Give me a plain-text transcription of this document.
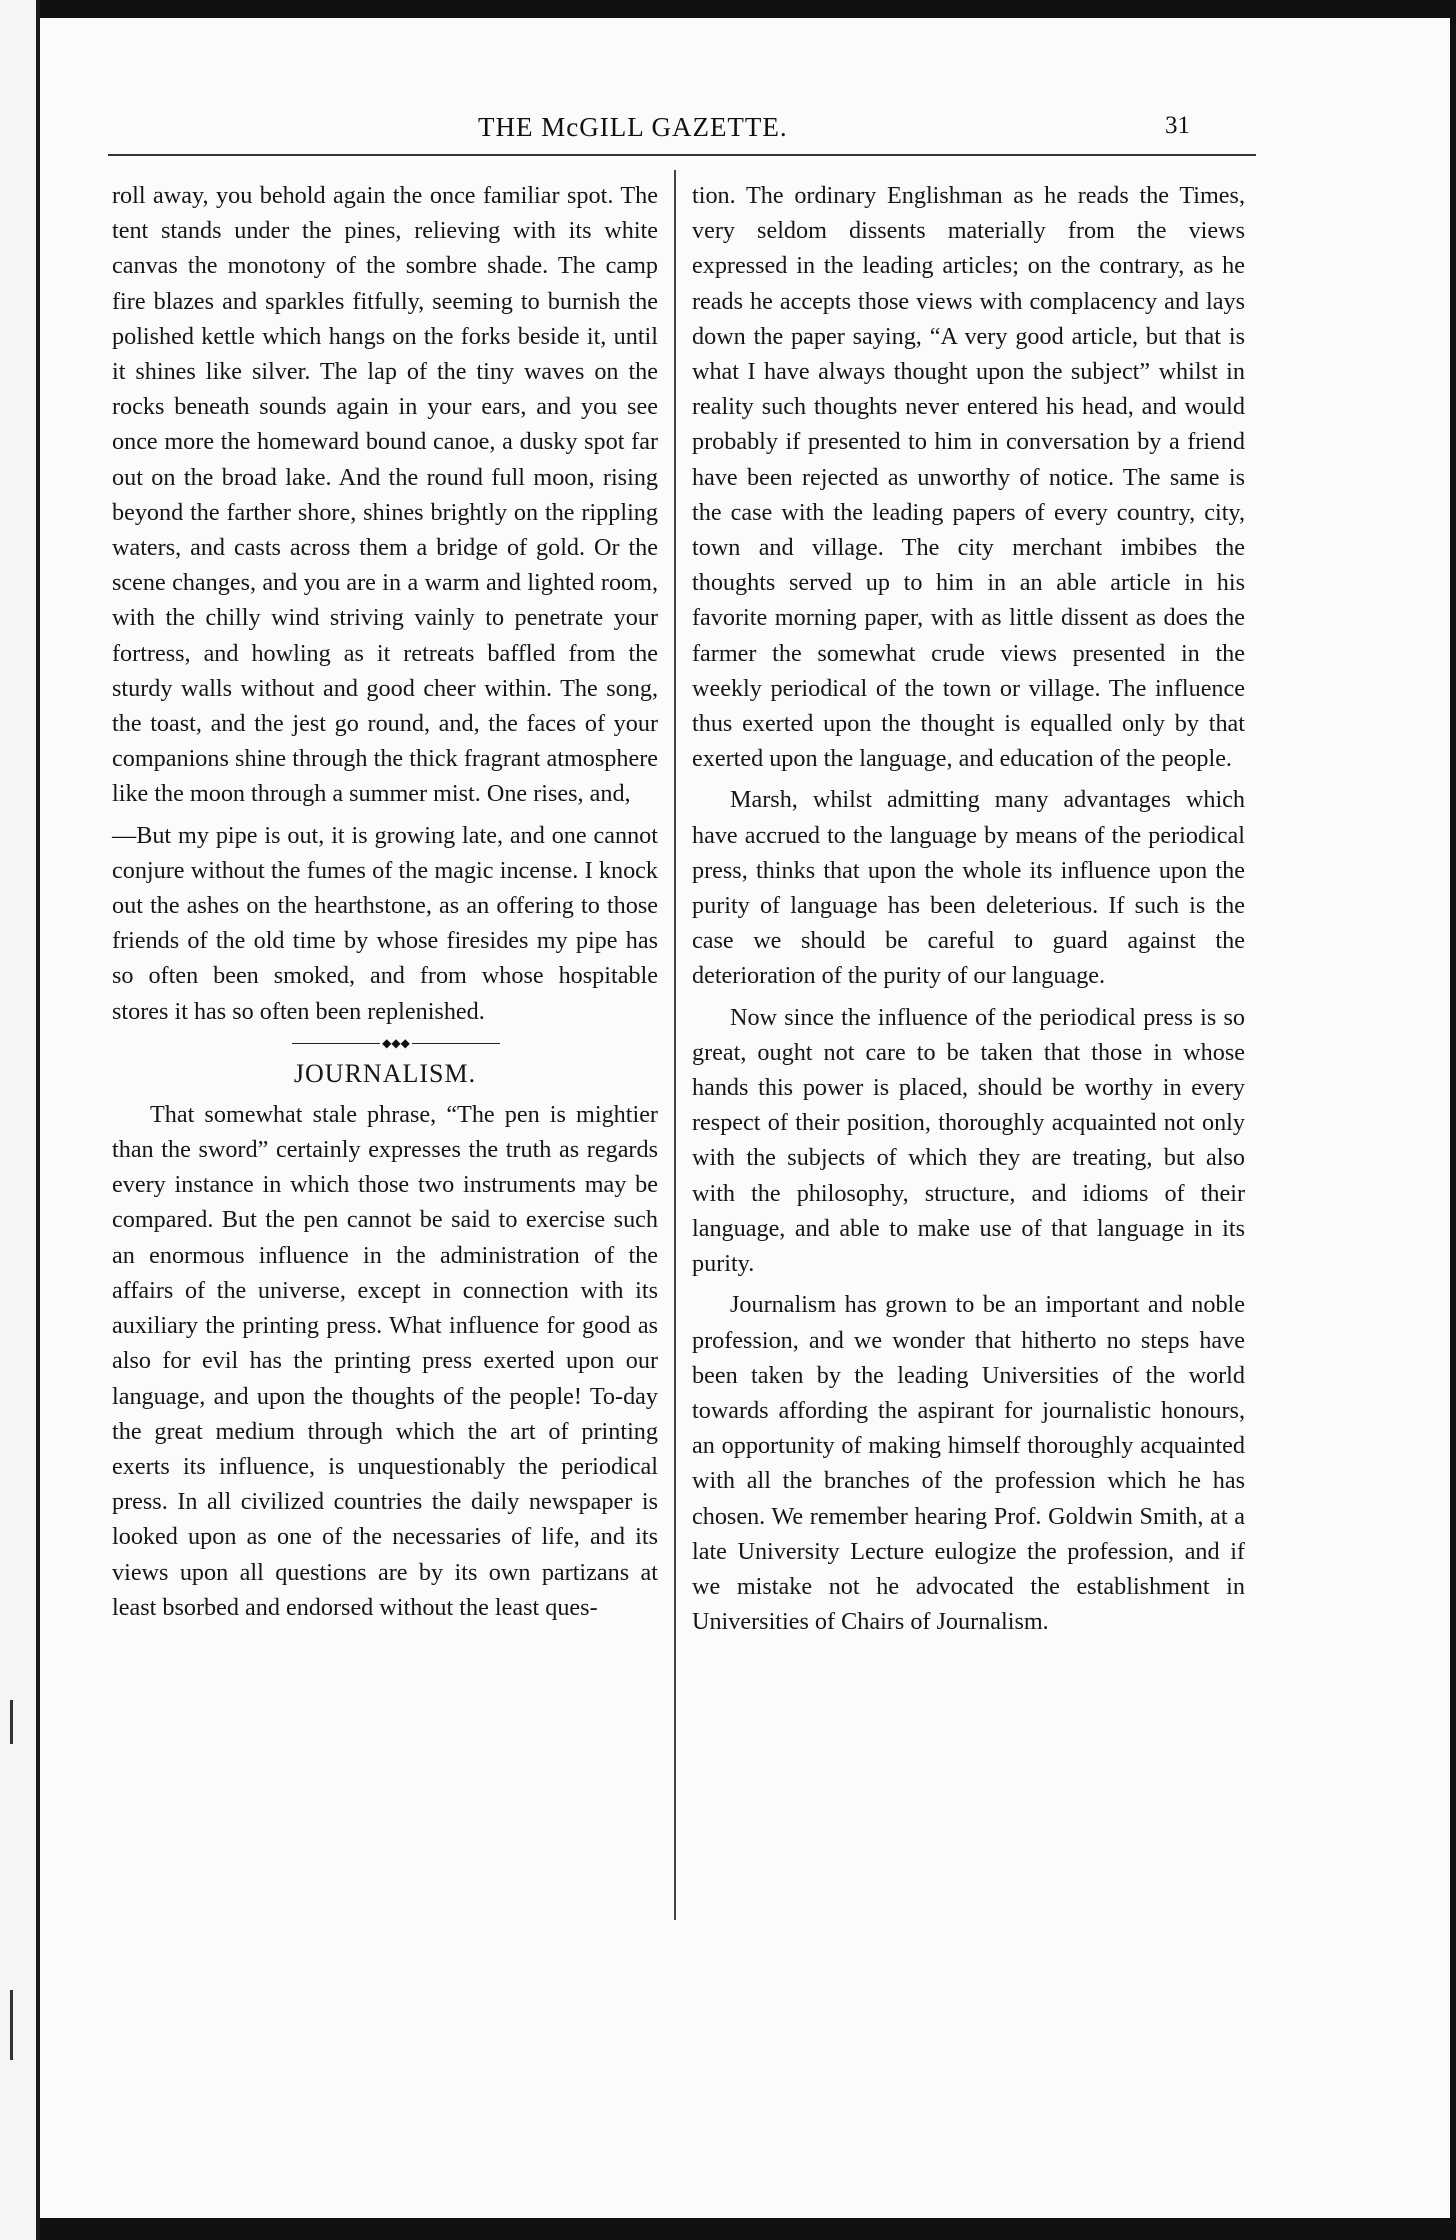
THE McGILL GAZETTE.	31

roll away, you behold again the once familiar spot. The tent stands under the pines, relieving with its white canvas the monotony of the sombre shade. The camp fire blazes and sparkles fitfully, seeming to burnish the polished kettle which hangs on the forks beside it, until it shines like silver. The lap of the tiny waves on the rocks beneath sounds again in your ears, and you see once more the homeward bound canoe, a dusky spot far out on the broad lake. And the round full moon, rising beyond the farther shore, shines brightly on the rippling waters, and casts across them a bridge of gold. Or the scene changes, and you are in a warm and lighted room, with the chilly wind striving vainly to penetrate your fortress, and howling as it retreats baffled from the sturdy walls without and good cheer within. The song, the toast, and the jest go round, and, the faces of your companions shine through the thick fragrant atmosphere like the moon through a summer mist. One rises, and,

—But my pipe is out, it is growing late, and one cannot conjure without the fumes of the magic incense. I knock out the ashes on the hearthstone, as an offering to those friends of the old time by whose firesides my pipe has so often been smoked, and from whose hospitable stores it has so often been replenished.

◆◆◆
JOURNALISM.

That somewhat stale phrase, “The pen is mightier than the sword” certainly expresses the truth as regards every instance in which those two instruments may be compared. But the pen cannot be said to exercise such an enormous influence in the administration of the affairs of the universe, except in connection with its auxiliary the printing press. What influence for good as also for evil has the printing press exerted upon our language, and upon the thoughts of the people! To-day the great medium through which the art of printing exerts its influence, is unquestionably the periodical press. In all civilized countries the daily newspaper is looked upon as one of the necessaries of life, and its views upon all questions are by its own partizans at least bsorbed and endorsed without the least ques-

tion. The ordinary Englishman as he reads the Times, very seldom dissents materially from the views expressed in the leading articles; on the contrary, as he reads he accepts those views with complacency and lays down the paper saying, “A very good article, but that is what I have always thought upon the subject” whilst in reality such thoughts never entered his head, and would probably if presented to him in conversation by a friend have been rejected as unworthy of notice. The same is the case with the leading papers of every country, city, town and village. The city merchant imbibes the thoughts served up to him in an able article in his favorite morning paper, with as little dissent as does the farmer the somewhat crude views presented in the weekly periodical of the town or village. The influence thus exerted upon the thought is equalled only by that exerted upon the language, and education of the people.

Marsh, whilst admitting many advantages which have accrued to the language by means of the periodical press, thinks that upon the whole its influence upon the purity of language has been deleterious. If such is the case we should be careful to guard against the deterioration of the purity of our language.

Now since the influence of the periodical press is so great, ought not care to be taken that those in whose hands this power is placed, should be worthy in every respect of their position, thoroughly acquainted not only with the subjects of which they are treating, but also with the philosophy, structure, and idioms of their language, and able to make use of that language in its purity.

Journalism has grown to be an important and noble profession, and we wonder that hitherto no steps have been taken by the leading Universities of the world towards affording the aspirant for journalistic honours, an opportunity of making himself thoroughly acquainted with all the branches of the profession which he has chosen. We remember hearing Prof. Goldwin Smith, at a late University Lecture eulogize the profession, and if we mistake not he advocated the establishment in Universities of Chairs of Journalism.
